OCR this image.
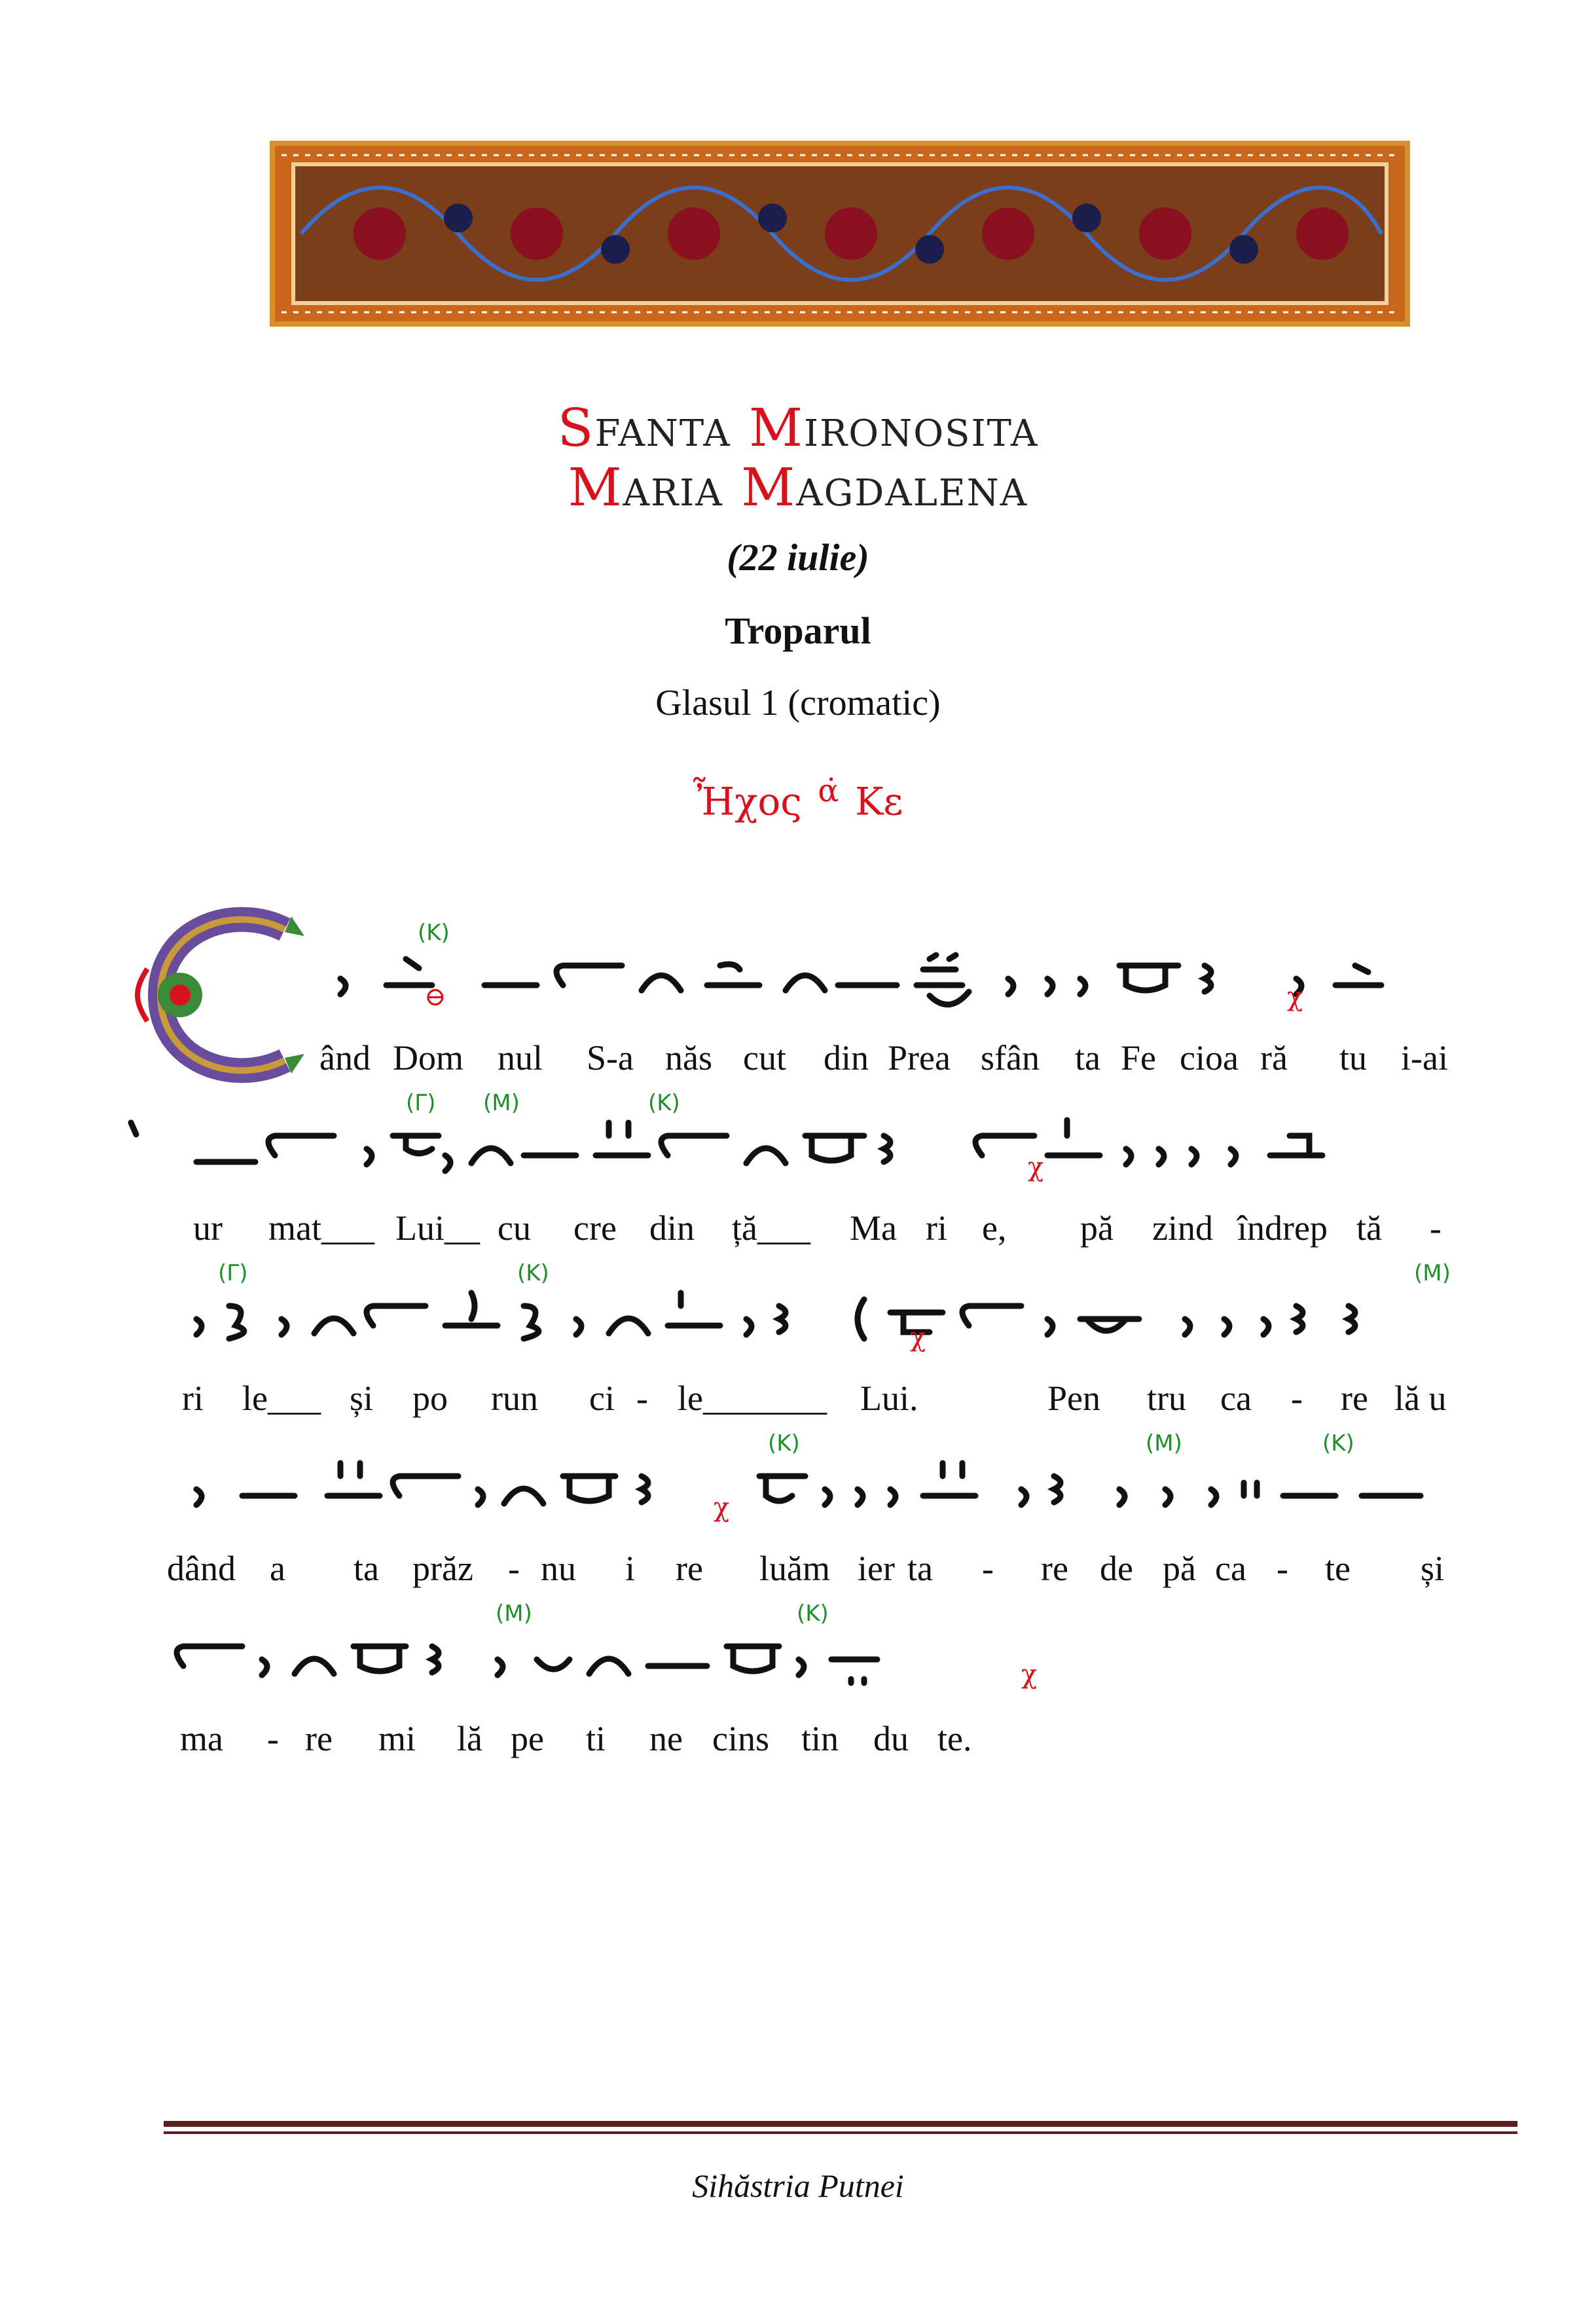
Sfanta Mironosita
Maria Magdalena
(22 iulie)
Troparul
Glasul 1 (cromatic)
Ἦχος α̇ Κε
(Κ)
⊖	χ
(Γ) (Μ)	(Κ)
χ
(Γ)	(Κ)	(Μ)
χ
(Κ)	(Μ)	(Κ)
χ
(Μ)	(Κ)
χ
ând Dom nul S-a năs cut din Prea sfân ta Fe cioa ră tu i-ai
ur mat___ Lui__ cu cre din ță___ Ma ri e, pă zind îndrep tă -
ri le___ și po run ci - le_______ Lui.	Pen tru ca - re lă u
dând a ta prăz - nu i re luăm ier ta - re de pă ca - te și
ma - re mi lă pe ti ne cins tin du te.
Sihăstria Putnei
